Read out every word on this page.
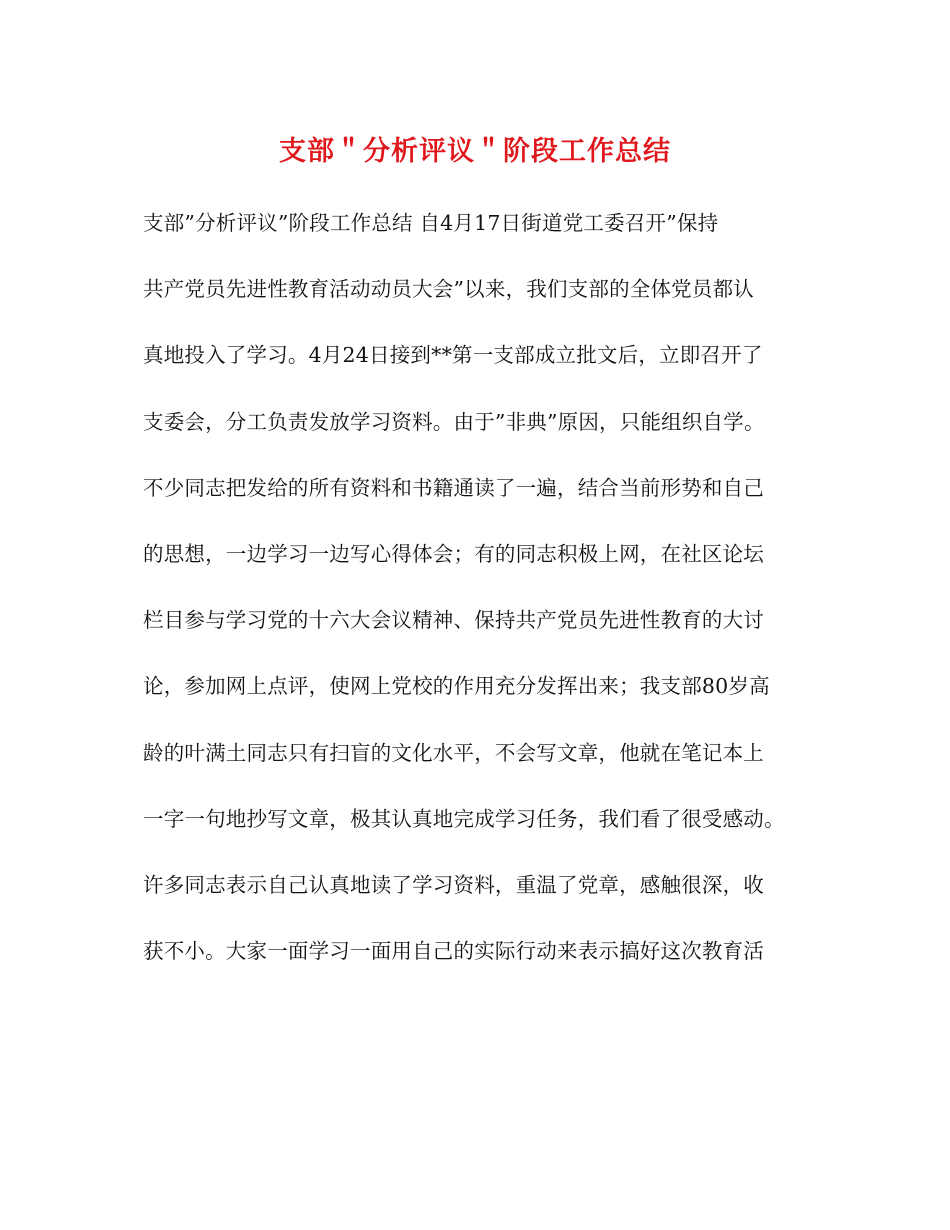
支部＂分析评议＂阶段工作总结
支部”分析评议”阶段工作总结 自4月17日街道党工委召开”保持
共产党员先进性教育活动动员大会”以来，我们支部的全体党员都认
真地投入了学习。4月24日接到**第一支部成立批文后，立即召开了
支委会，分工负责发放学习资料。由于”非典”原因，只能组织自学。
不少同志把发给的所有资料和书籍通读了一遍，结合当前形势和自己
的思想，一边学习一边写心得体会；有的同志积极上网，在社区论坛
栏目参与学习党的十六大会议精神、保持共产党员先进性教育的大讨
论，参加网上点评，使网上党校的作用充分发挥出来；我支部80岁高
龄的叶满土同志只有扫盲的文化水平，不会写文章，他就在笔记本上
一字一句地抄写文章，极其认真地完成学习任务，我们看了很受感动。
许多同志表示自己认真地读了学习资料，重温了党章，感触很深，收
获不小。大家一面学习一面用自己的实际行动来表示搞好这次教育活
